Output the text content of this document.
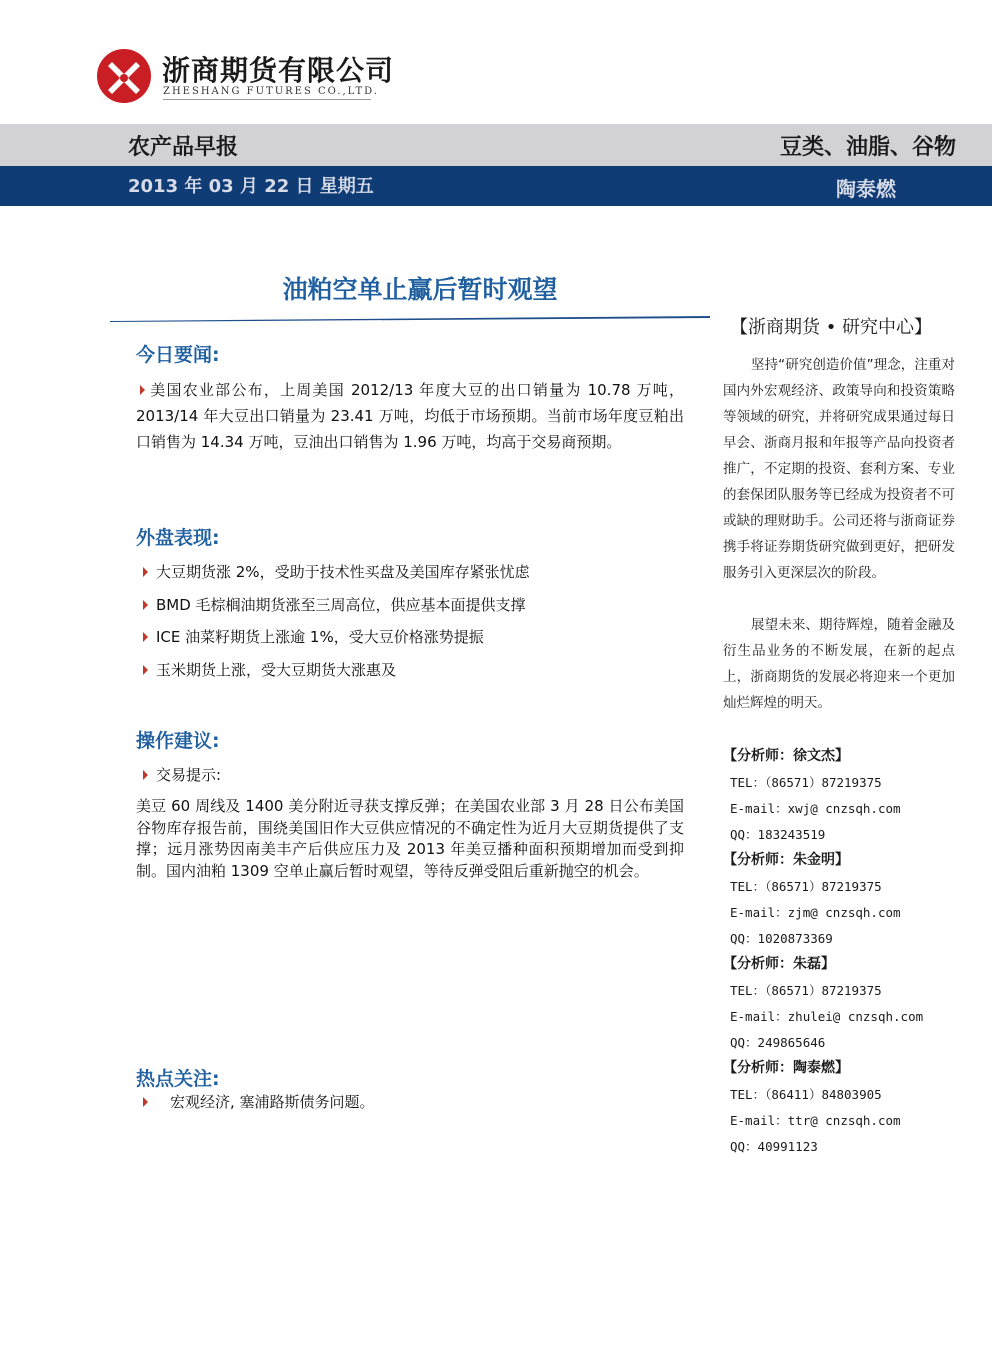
浙商期货有限公司
ZHESHANG FUTURES CO.,LTD.
农产品早报	豆类、油脂、谷物
2013 年 03 月 22 日 星期五	陶泰燃
油粕空单止赢后暂时观望
今日要闻:
美国农业部公布，上周美国 2012/13 年度大豆的出口销量为 10.78 万吨，2013/14 年大豆出口销量为 23.41 万吨，均低于市场预期。当前市场年度豆粕出口销售为 14.34 万吨，豆油出口销售为 1.96 万吨，均高于交易商预期。
外盘表现:
大豆期货涨 2%，受助于技术性买盘及美国库存紧张忧虑
BMD 毛棕榈油期货涨至三周高位，供应基本面提供支撑
ICE 油菜籽期货上涨逾 1%，受大豆价格涨势提振
玉米期货上涨，受大豆期货大涨惠及
操作建议:
交易提示:
美豆 60 周线及 1400 美分附近寻获支撑反弹；在美国农业部 3 月 28 日公布美国谷物库存报告前，围绕美国旧作大豆供应情况的不确定性为近月大豆期货提供了支撑；远月涨势因南美丰产后供应压力及 2013 年美豆播种面积预期增加而受到抑制。国内油粕 1309 空单止赢后暂时观望，等待反弹受阻后重新抛空的机会。
热点关注:
宏观经济, 塞浦路斯债务问题。
【浙商期货 • 研究中心】
坚持“研究创造价值”理念，注重对国内外宏观经济、政策导向和投资策略等领域的研究，并将研究成果通过每日早会、浙商月报和年报等产品向投资者推广，不定期的投资、套利方案、专业的套保团队服务等已经成为投资者不可或缺的理财助手。公司还将与浙商证券携手将证券期货研究做到更好，把研发服务引入更深层次的阶段。
展望未来、期待辉煌，随着金融及衍生品业务的不断发展，在新的起点上，浙商期货的发展必将迎来一个更加灿烂辉煌的明天。
【分析师：徐文杰】
TEL：（86571）87219375
E-mail：xwj@ cnzsqh.com
QQ：183243519
【分析师：朱金明】
TEL：（86571）87219375
E-mail：zjm@ cnzsqh.com
QQ：1020873369
【分析师：朱磊】
TEL：（86571）87219375
E-mail：zhulei@ cnzsqh.com
QQ：249865646
【分析师：陶泰燃】
TEL：（86411）84803905
E-mail：ttr@ cnzsqh.com
QQ：40991123
